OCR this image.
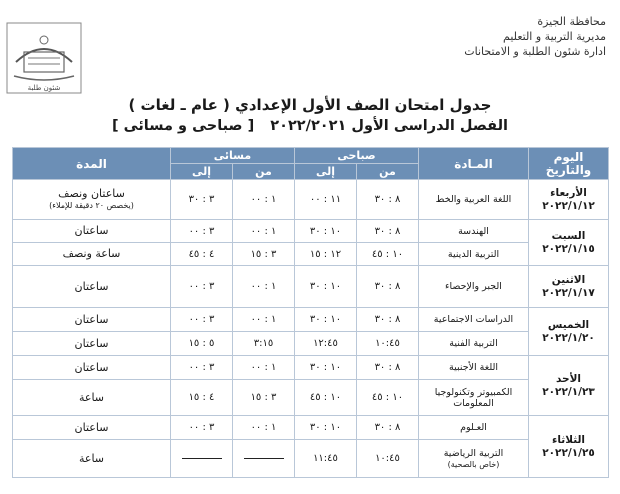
شئون طلبة
محافظة الجيزة
مديرية التربية و التعليم
ادارة شئون الطلبة و الامتحانات
جدول امتحان الصف الأول الإعدادي ( عام ـ لغات )
الفصل الدراسى الأول ٢٠٢٢/٢٠٢١[ صباحى و مسائى ]
اليوم والتاريخ	المـادة	صباحى		مسائى		المدة
		من	إلى	من	إلى	

الأربعاء
٢٠٢٢/١/١٢	اللغة العربية والخط	٨ : ٣٠	١١ : ٠٠	١ : ٠٠	٣ : ٣٠	ساعتان ونصف
(يخصص ٢٠ دقيقة للإملاء)

السبت
٢٠٢٢/١/١٥	الهندسة	٨ : ٣٠	١٠ : ٣٠	١ : ٠٠	٣ : ٠٠	ساعتان
	التربية الدينية	١٠ : ٤٥	١٢ : ١٥	٣ : ١٥	٤ : ٤٥	ساعة ونصف

الاثنين
٢٠٢٢/١/١٧	الجبر والإحصاء	٨ : ٣٠	١٠ : ٣٠	١ : ٠٠	٣ : ٠٠	ساعتان

الخميس
٢٠٢٢/١/٢٠	الدراسات الاجتماعية	٨ : ٣٠	١٠ : ٣٠	١ : ٠٠	٣ : ٠٠	ساعتان
	التربية الفنية	١٠:٤٥	١٢:٤٥	٣:١٥	٥ : ١٥	ساعتان

الأحد
٢٠٢٢/١/٢٣	اللغة الأجنبية	٨ : ٣٠	١٠ : ٣٠	١ : ٠٠	٣ : ٠٠	ساعتان
	الكمبيوتر وتكنولوجيا المعلومات	١٠ : ٤٥	١٠ : ٤٥	٣ : ١٥	٤ : ١٥	ساعة

الثلاثاء
٢٠٢٢/١/٢٥	العـلوم	٨ : ٣٠	١٠ : ٣٠	١ : ٠٠	٣ : ٠٠	ساعتان
	التربية الرياضية
(خاص بالصحية)	١٠:٤٥	١١:٤٥			ساعة
